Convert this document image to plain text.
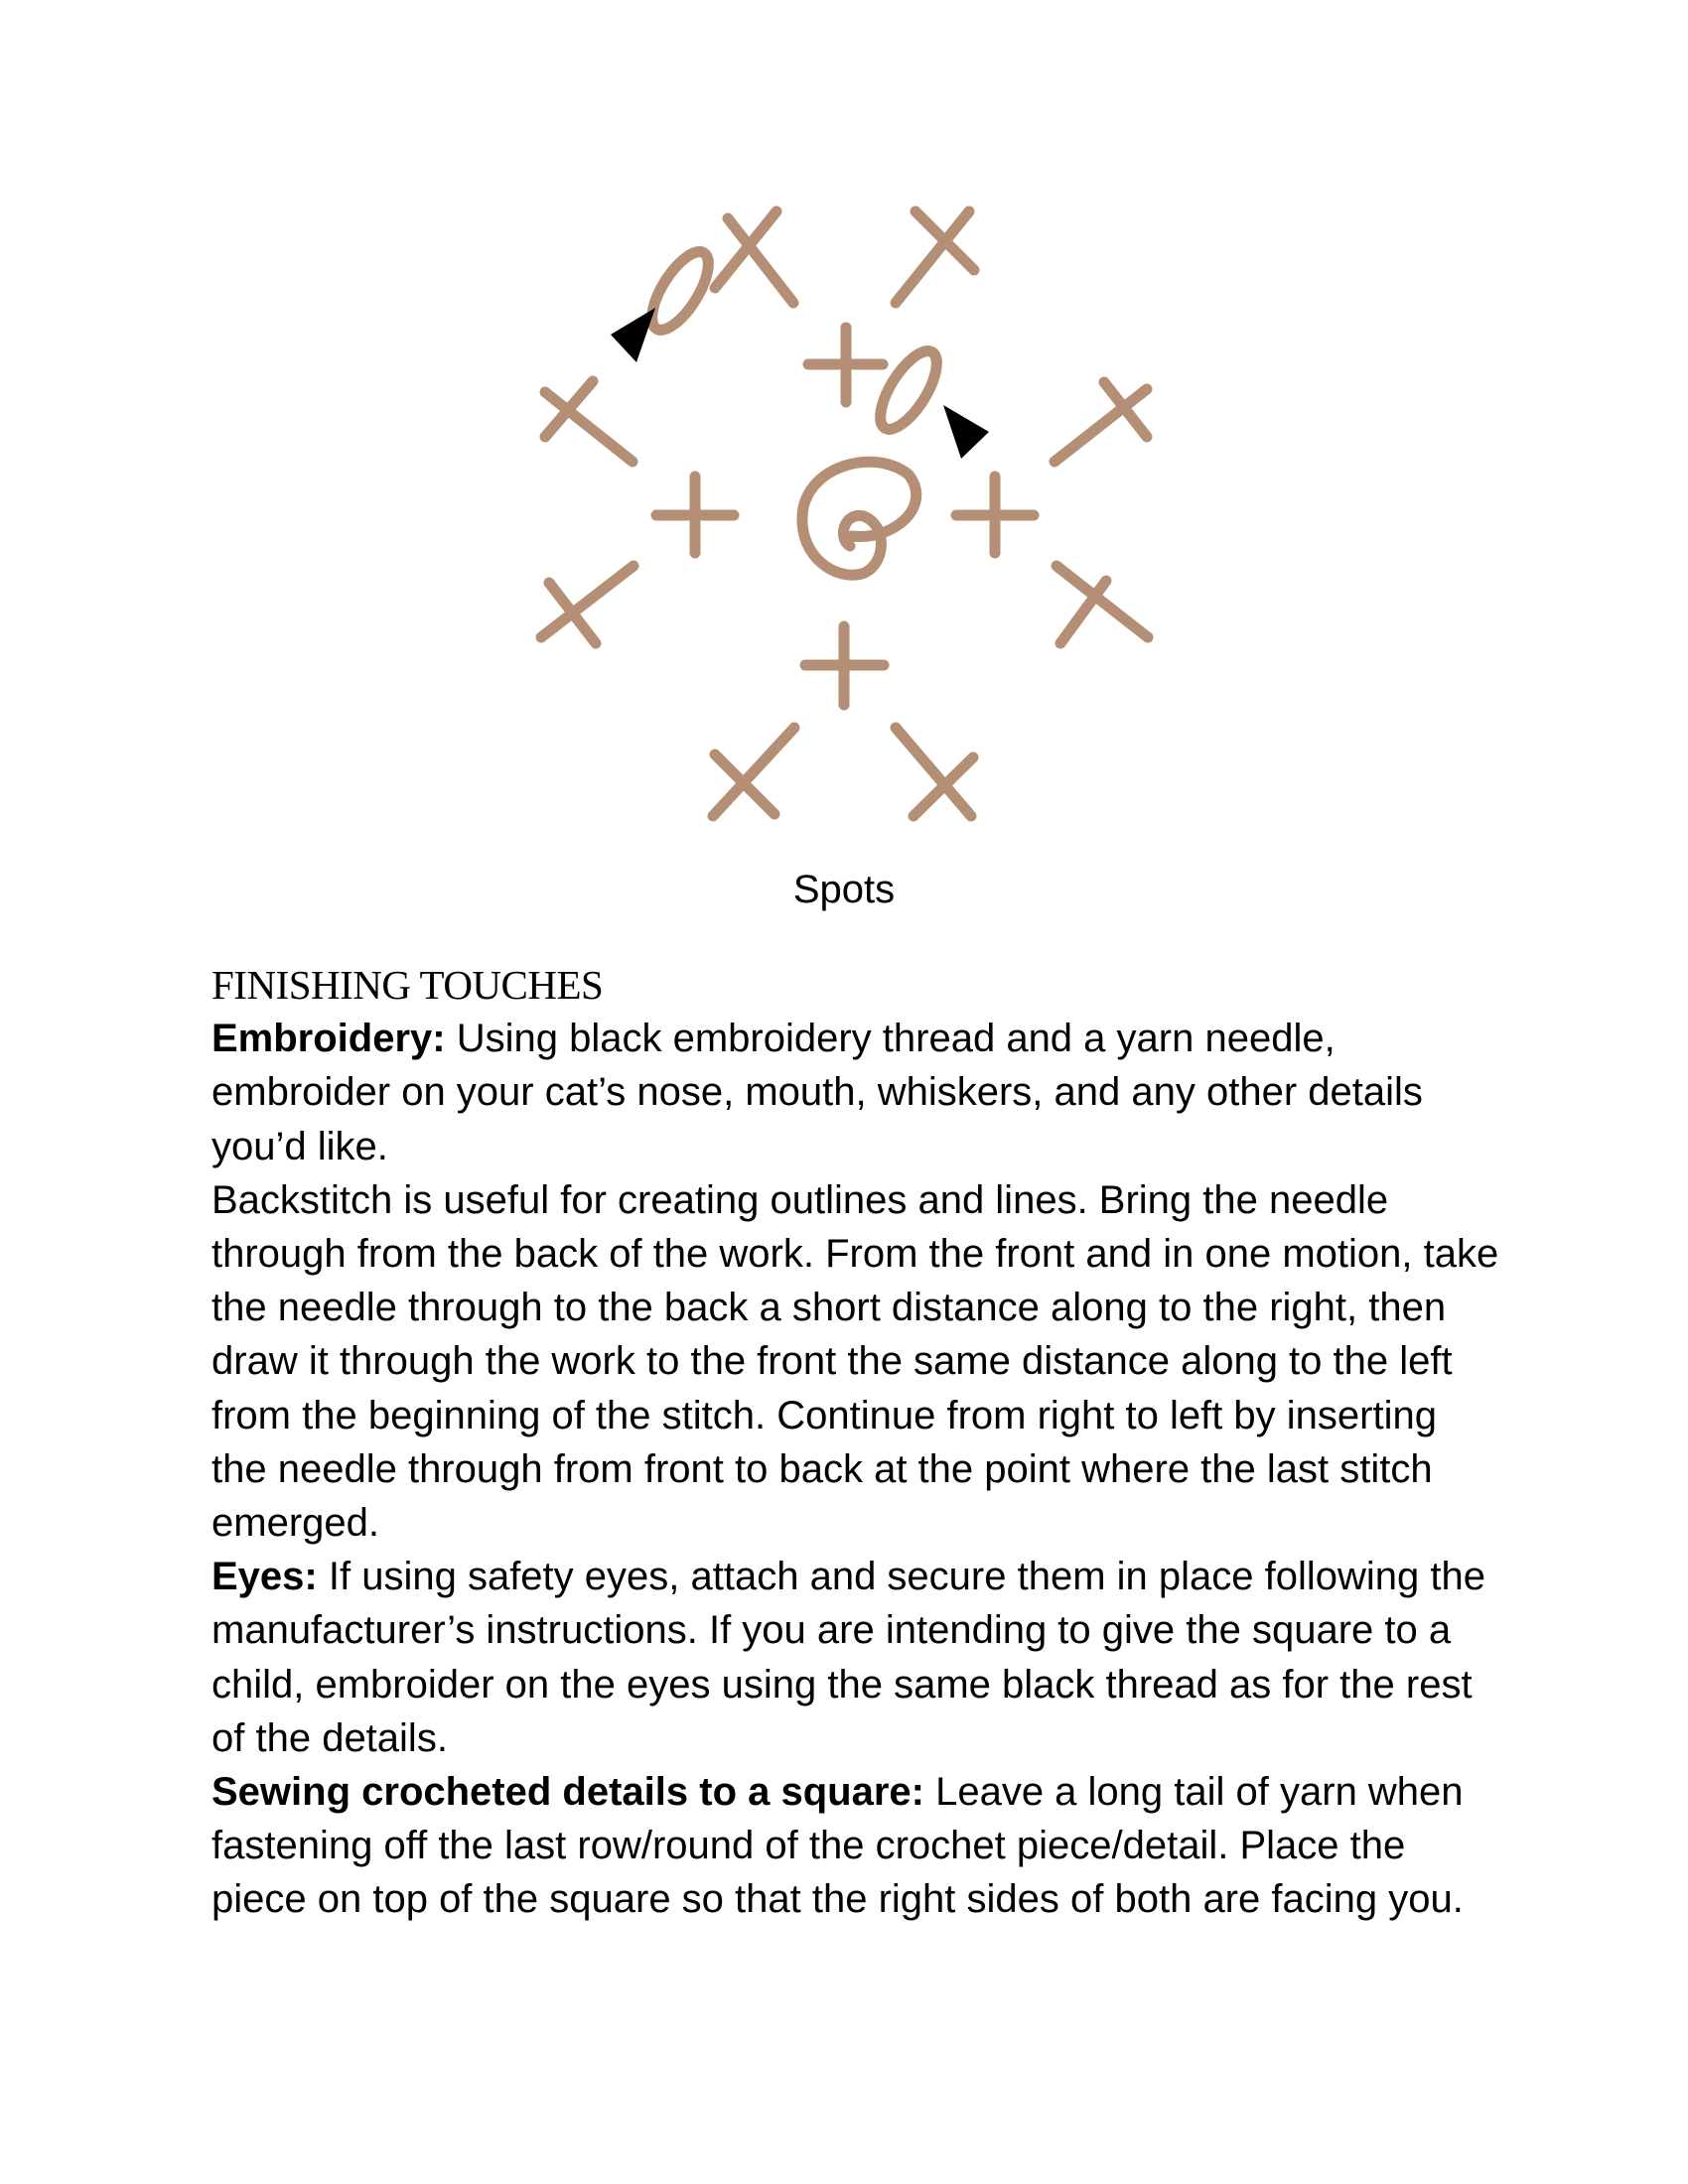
Spots

FINISHING TOUCHES

Embroidery: Using black embroidery thread and a yarn needle, embroider on your cat’s nose, mouth, whiskers, and any other details you’d like.

Backstitch is useful for creating outlines and lines. Bring the needle through from the back of the work. From the front and in one motion, take the needle through to the back a short distance along to the right, then draw it through the work to the front the same distance along to the left from the beginning of the stitch. Continue from right to left by inserting the needle through from front to back at the point where the last stitch emerged.

Eyes: If using safety eyes, attach and secure them in place following the manufacturer’s instructions. If you are intending to give the square to a child, embroider on the eyes using the same black thread as for the rest of the details.

Sewing crocheted details to a square: Leave a long tail of yarn when fastening off the last row/round of the crochet piece/detail. Place the piece on top of the square so that the right sides of both are facing you.
